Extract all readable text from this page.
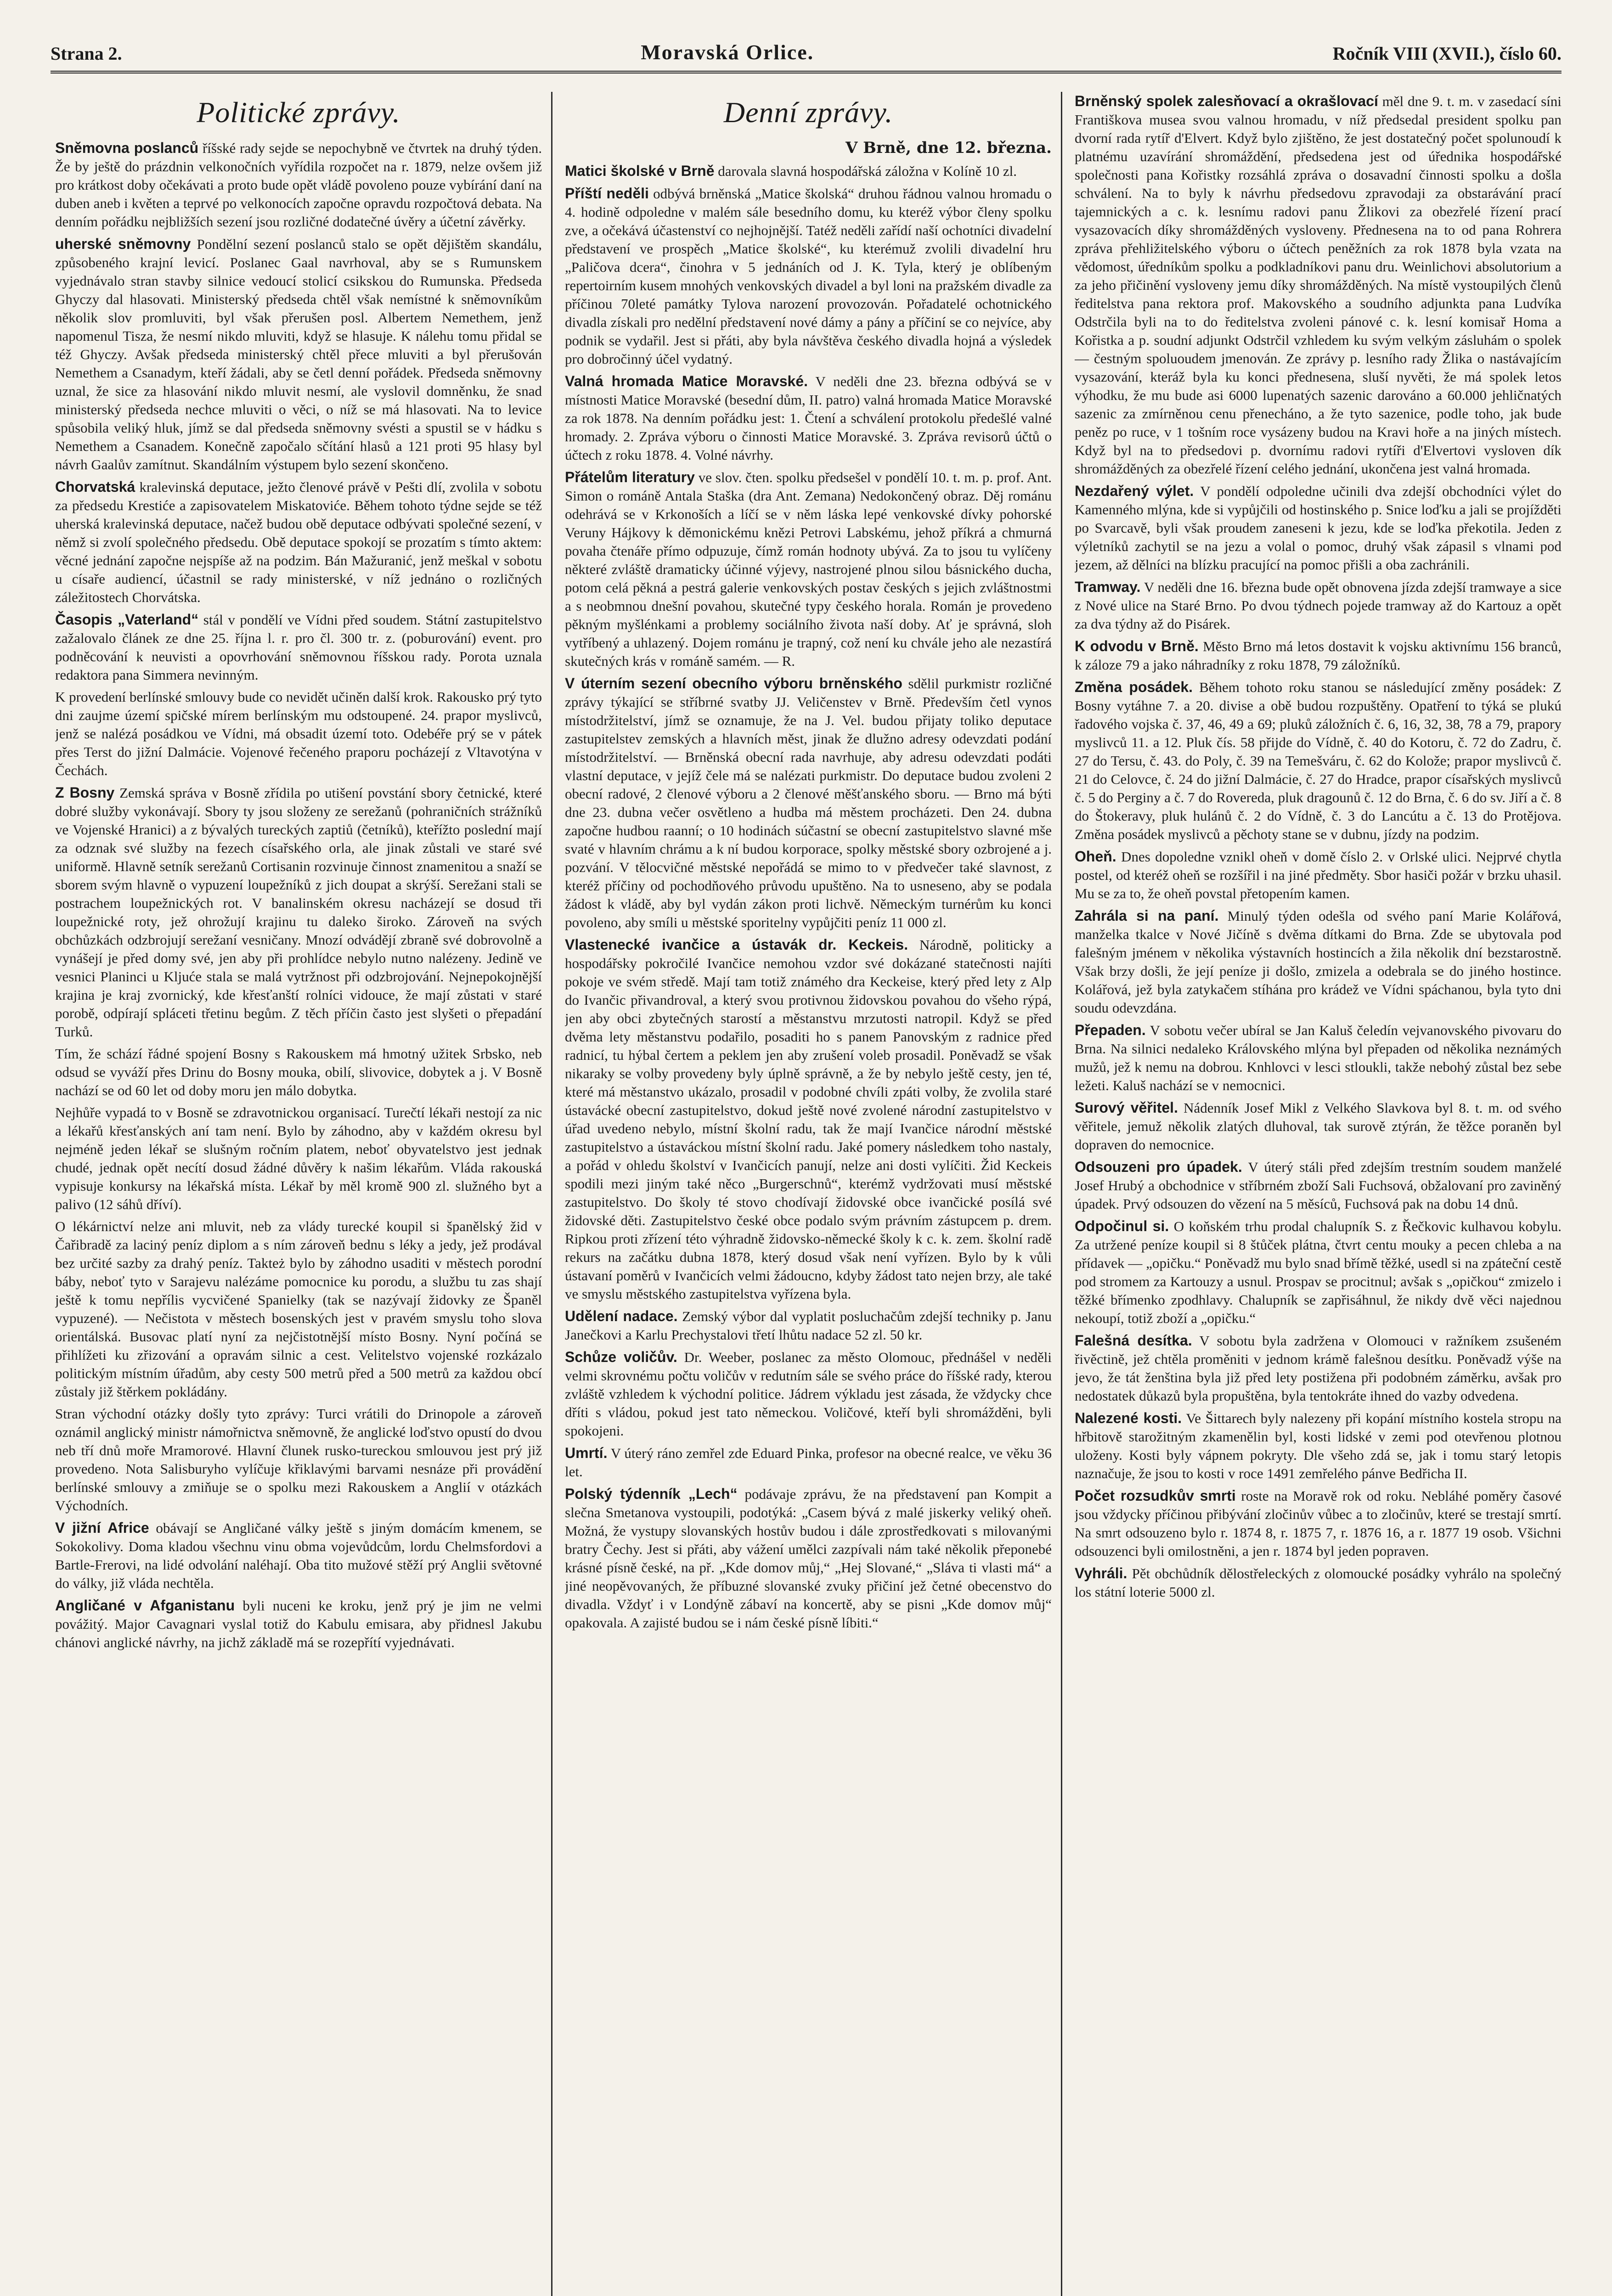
Strana 2.	Moravská Orlice.	Ročník VIII (XVII.), číslo 60.
Politické zprávy.

Sněmovna poslanců říšské rady sejde se nepochybně ve čtvrtek na druhý týden. Že by ještě do prázdnin velkonočních vyřídila rozpočet na r. 1879, nelze ovšem již pro krátkost doby očekávati a proto bude opět vládě povoleno pouze vybírání daní na duben aneb i květen a teprvé po velkonocích započne opravdu rozpočtová debata. Na denním pořádku nejbližších sezení jsou rozličné dodatečné úvěry a účetní závěrky.

uherské sněmovny Pondělní sezení poslanců stalo se opět dějištěm skandálu, způsobeného krajní levicí. Poslanec Gaal navrhoval, aby se s Rumunskem vyjednávalo stran stavby silnice vedoucí stolicí csikskou do Rumunska. Předseda Ghyczy dal hlasovati. Ministerský předseda chtěl však nemístné k sněmovníkům několik slov promluviti, byl však přerušen posl. Albertem Nemethem, jenž napomenul Tisza, že nesmí nikdo mluviti, když se hlasuje. K nálehu tomu přidal se též Ghyczy. Avšak předseda ministerský chtěl přece mluviti a byl přerušován Nemethem a Csanadym, kteří žádali, aby se četl denní pořádek. Předseda sněmovny uznal, že sice za hlasování nikdo mluvit nesmí, ale vyslovil domněnku, že snad ministerský předseda nechce mluviti o věci, o níž se má hlasovati. Na to levice spůsobila veliký hluk, jímž se dal předseda sněmovny svésti a spustil se v hádku s Nemethem a Csanadem. Konečně započalo sčítání hlasů a 121 proti 95 hlasy byl návrh Gaalův zamítnut. Skandálním výstupem bylo sezení skončeno.

Chorvatská kralevinská deputace, ježto členové právě v Pešti dlí, zvolila v sobotu za předsedu Krestiće a zapisovatelem Miskatoviće. Během tohoto týdne sejde se též uherská kralevinská deputace, načež budou obě deputace odbývati společné sezení, v němž si zvolí společného předsedu. Obě deputace spokojí se prozatím s tímto aktem: věcné jednání započne nejspíše až na podzim. Bán Mažuranić, jenž meškal v sobotu u císaře audiencí, účastnil se rady ministerské, v níž jednáno o rozličných záležitostech Chorvátska.

Časopis „Vaterland“ stál v pondělí ve Vídni před soudem. Státní zastupitelstvo zažalovalo článek ze dne 25. října l. r. pro čl. 300 tr. z. (poburování) event. pro podněcování k neuvisti a opovrhování sněmovnou říšskou rady. Porota uznala redaktora pana Simmera nevinným.

K provedení berlínské smlouvy bude co nevidět učiněn další krok. Rakousko prý tyto dni zaujme území spičské mírem berlínským mu odstoupené. 24. prapor myslivců, jenž se nalézá posádkou ve Vídni, má obsadit území toto. Odebéře prý se v pátek přes Terst do jižní Dalmácie. Vojenové řečeného praporu pocházejí z Vltavotýna v Čechách.

Z Bosny Zemská správa v Bosně zřídila po utišení povstání sbory četnické, které dobré služby vykonávají. Sbory ty jsou složeny ze serežanů (pohraničních strážníků ve Vojenské Hranici) a z bývalých tureckých zaptiů (četníků), kteřížto poslední mají za odznak své služby na fezech císařského orla, ale jinak zůstali ve staré své uniformě. Hlavně setník serežanů Cortisanin rozvinuje činnost znamenitou a snaží se sborem svým hlavně o vypuzení loupežníků z jich doupat a skrýší. Serežani stali se postrachem loupežnických rot. V banalinském okresu nacházejí se dosud tři loupežnické roty, jež ohrožují krajinu tu daleko široko. Zároveň na svých obchůzkách odzbrojují serežaní vesničany. Mnozí odvádějí zbraně své dobrovolně a vynášejí je před domy své, jen aby při prohlídce nebylo nutno nalézeny. Jedině ve vesnici Planinci u Kljuće stala se malá vytržnost při odzbrojování. Nejnepokojnější krajina je kraj zvornický, kde křesťanští rolníci vidouce, že mají zůstati v staré porobě, odpírají spláceti třetinu begům. Z těch příčin často jest slyšeti o přepadání Turků.

Tím, že schází řádné spojení Bosny s Rakouskem má hmotný užitek Srbsko, neb odsud se vyváží přes Drinu do Bosny mouka, obilí, slivovice, dobytek a j. V Bosně nachází se od 60 let od doby moru jen málo dobytka.

Nejhůře vypadá to v Bosně se zdravotnickou organisací. Turečtí lékaři nestojí za nic a lékařů křesťanských aní tam není. Bylo by záhodno, aby v každém okresu byl nejméně jeden lékař se slušným ročním platem, neboť obyvatelstvo jest jednak chudé, jednak opět necítí dosud žádné důvěry k našim lékařům. Vláda rakouská vypisuje konkursy na lékařská místa. Lékař by měl kromě 900 zl. služného byt a palivo (12 sáhů dříví).

O lékárnictví nelze ani mluvit, neb za vlády turecké koupil si španělský žid v Čařibradě za laciný peníz diplom a s ním zároveň bednu s léky a jedy, jež prodával bez určité sazby za drahý peníz. Takteż bylo by záhodno usaditi v městech porodní báby, neboť tyto v Sarajevu nalézáme pomocnice ku porodu, a službu tu zas shají ještě k tomu nepřílis vycvičené Spanielky (tak se nazývají židovky ze Španěl vypuzené). — Nečistota v městech bosenských jest v pravém smyslu toho slova orientálská. Busovac platí nyní za nejčistotnější místo Bosny. Nyní počíná se přihlížeti ku zřizování a opravám silnic a cest. Velitelstvo vojenské rozkázalo politickým místním úřadům, aby cesty 500 metrů před a 500 metrů za každou obcí zůstaly již štěrkem pokládány.

Stran východní otázky došly tyto zprávy: Turci vrátili do Drinopole a zároveň oznámil anglický ministr námořnictva sněmovně, že anglické loďstvo opustí do dvou neb tří dnů moře Mramorové. Hlavní člunek rusko-tureckou smlouvou jest prý již provedeno. Nota Salisburyho vylíčuje křiklavými barvami nesnáze při provádění berlínské smlouvy a zmiňuje se o spolku mezi Rakouskem a Anglií v otázkách Východních.

V jižní Africe obávají se Angličané války ještě s jiným domácím kmenem, se Sokokolivy. Doma kladou všechnu vinu obma vojevůdcům, lordu Chelmsfordovi a Bartle-Frerovi, na lidé odvolání naléhají. Oba tito mužové stěží prý Anglii světovné do války, již vláda nechtěla.

Angličané v Afganistanu byli nuceni ke kroku, jenž prý je jim ne velmi povážitý. Major Cavagnari vyslal totiž do Kabulu emisara, aby přidnesl Jakubu chánovi anglické návrhy, na jichž základě má se rozepřítí vyjednávati.

Denní zprávy.
V Brně, dne 12. března.

Matici školské v Brně darovala slavná hospodářská záložna v Kolíně 10 zl.

Příští neděli odbývá brněnská „Matice školská“ druhou řádnou valnou hromadu o 4. hodině odpoledne v malém sále besedního domu, ku kteréž výbor členy spolku zve, a očekává účastenství co nejhojnější. Tatéž neděli zařídí naší ochotníci divadelní představení ve prospěch „Matice školské“, ku kterémuž zvolili divadelní hru „Paličova dcera“, činohra v 5 jednáních od J. K. Tyla, který je oblíbeným repertoirním kusem mnohých venkovských divadel a byl loni na pražském divadle za příčinou 70leté památky Tylova narození provozován. Pořadatelé ochotnického divadla získali pro nedělní představení nové dámy a pány a příčiní se co nejvíce, aby podnik se vydařil. Jest si přáti, aby byla návštěva českého divadla hojná a výsledek pro dobročinný účel vydatný.

Valná hromada Matice Moravské. V neděli dne 23. března odbývá se v místnosti Matice Moravské (besední dům, II. patro) valná hromada Matice Moravské za rok 1878. Na denním pořádku jest: 1. Čtení a schválení protokolu předešlé valné hromady. 2. Zpráva výboru o činnosti Matice Moravské. 3. Zpráva revisorů účtů o účtech z roku 1878. 4. Volné návrhy.

Přátelům literatury ve slov. čten. spolku předsešel v pondělí 10. t. m. p. prof. Ant. Simon o románě Antala Staška (dra Ant. Zemana) Nedokončený obraz. Děj románu odehrává se v Krkonoších a líčí se v něm láska lepé venkovské dívky pohorské Veruny Hájkovy k dĕmonickému knězi Petrovi Labskému, jehož příkrá a chmurná povaha čtenáře přímo odpuzuje, čímž román hodnoty ubývá. Za to jsou tu vylíčeny některé zvláště dramaticky účinné výjevy, nastrojené plnou silou básnického ducha, potom celá pěkná a pestrá galerie venkovských postav českých s jejich zvláštnostmi a s neobmnou dnešní povahou, skutečné typy českého horala. Román je provedeno pěkným myšlénkami a problemy sociálního života naší doby. Ať je správná, sloh vytříbený a uhlazený. Dojem románu je trapný, což není ku chvále jeho ale nezastírá skutečných krás v románě samém. — R.

V úterním sezení obecního výboru brněnského sdělil purkmistr rozličné zprávy týkající se stříbrné svatby JJ. Veličenstev v Brně. Především četl vynos místodržitelství, jímž se oznamuje, že na J. Vel. budou přijaty toliko deputace zastupitelstev zemských a hlavních měst, jinak že dlužno adresy odevzdati podání místodržitelství. — Brněnská obecní rada navrhuje, aby adresu odevzdati podáti vlastní deputace, v jejíž čele má se nalézati purkmistr. Do deputace budou zvoleni 2 obecní radové, 2 členové výboru a 2 členové měšťanského sboru. — Brno má býti dne 23. dubna večer osvětleno a hudba má městem procházeti. Den 24. dubna započne hudbou raanní; o 10 hodinách súčastní se obecní zastupitelstvo slavné mše svaté v hlavním chrámu a k ní budou korporace, spolky městské sbory ozbrojené a j. pozvání. V tělocvičné městské nepořádá se mimo to v předvečer také slavnost, z kteréž příčiny od pochodňového průvodu upuštěno. Na to usneseno, aby se podala žádost k vládě, aby byl vydán zákon proti lichvě. Německým turnérům ku konci povoleno, aby smíli u městské sporitelny vypůjčiti peníz 11 000 zl.

Vlastenecké ivančice a ústavák dr. Keckeis. Národně, politicky a hospodářsky pokročilé Ivančice nemohou vzdor své dokázané statečnosti najíti pokoje ve svém středě. Mají tam totiž známého dra Keckeise, který před lety z Alp do Ivančic přivandroval, a který svou protivnou židovskou povahou do všeho rýpá, jen aby obci zbytečných starostí a městanstvu mrzutosti natropil. Když se před dvěma lety městanstvu podařilo, posaditi ho s panem Panovským z radnice před radnicí, tu hýbal čertem a peklem jen aby zrušení voleb prosadil. Poněvadž se však nikaraky se volby provedeny byly úplně správně, a že by nebylo ještě cesty, jen té, které má městanstvo ukázalo, prosadil v podobné chvíli zpáti volby, že zvolila staré ústavácké obecní zastupitelstvo, dokud ještě nové zvolené národní zastupitelstvo v úřad uvedeno nebylo, místní školní radu, tak že mají Ivančice národní městské zastupitelstvo a ústaváckou místní školní radu. Jaké pomery následkem toho nastaly, a pořád v ohledu školství v Ivančicích panují, nelze ani dosti vylíčiti. Žid Keckeis spodili mezi jiným také něco „Burgerschnů“, kterémž vydržovati musí městské zastupitelstvo. Do školy té stovo chodívají židovské obce ivančické posílá své židovské děti. Zastupitelstvo české obce podalo svým právním zástupcem p. drem. Ripkou proti zřízení této výhradně židovsko-německé školy k c. k. zem. školní radě rekurs na začátku dubna 1878, který dosud však není vyřízen. Bylo by k vůli ústavaní poměrů v Ivančicích velmi žádoucno, kdyby žádost tato nejen brzy, ale také ve smyslu městského zastupitelstva vyřízena byla.

Udělení nadace. Zemský výbor dal vyplatit posluchačům zdejší techniky p. Janu Janečkovi a Karlu Prechystalovi třetí lhůtu nadace 52 zl. 50 kr.

Schůze voličův. Dr. Weeber, poslanec za město Olomouc, přednášel v neděli velmi skrovnému počtu voličův v redutním sále se svého práce do říšské rady, kterou zvláště vzhledem k východní politice. Jádrem výkladu jest zásada, že vždycky chce dříti s vládou, pokud jest tato německou. Voličové, kteří byli shromážděni, byli spokojeni.

Umrtí. V úterý ráno zemřel zde Eduard Pinka, profesor na obecné realce, ve věku 36 let.

Polský týdenník „Lech“ podávaje zprávu, že na představení pan Kompit a slečna Smetanova vystoupili, podotýká: „Casem bývá z malé jiskerky veliký oheň. Možná, že vystupy slovanských hostův budou i dále zprostředkovati s milovanými bratry Čechy. Jest si přáti, aby vážení umělci zazpívali nám také několik přeponebé krásné písně české, na př. „Kde domov můj,“ „Hej Slované,“ „Sláva ti vlasti má“ a jiné neopěvovaných, že příbuzné slovanské zvuky přičiní jež četné obecenstvo do divadla. Vždyť i v Londýně zábaví na koncertě, aby se pisni „Kde domov můj“ opakovala. A zajisté budou se i nám české písně líbiti.“

Brněnský spolek zalesňovací a okrašlovací měl dne 9. t. m. v zasedací síni Františkova musea svou valnou hromadu, v níž předsedal president spolku pan dvorní rada rytíř d'Elvert. Když bylo zjištěno, že jest dostatečný počet spolunoudí k platnému uzavírání shromáždění, předsedena jest od úřednika hospodářské společnosti pana Kořistky rozsáhlá zpráva o dosavadní činnosti spolku a došla schválení. Na to byly k návrhu předsedovu zpravodaji za obstarávání prací tajemnických a c. k. lesnímu radovi panu Žlikovi za obezřelé řízení prací vysazovacích díky shromážděných vysloveny. Přednesena na to od pana Rohrera zpráva přehližitelského výboru o účtech peněžních za rok 1878 byla vzata na vědomost, úředníkům spolku a podkladníkovi panu dru. Weinlichovi absolutorium a za jeho přičinění vysloveny jemu díky shromážděných. Na místě vystoupilých členů ředitelstva pana rektora prof. Makovského a soudního adjunkta pana Ludvíka Odstrčila byli na to do ředitelstva zvoleni pánové c. k. lesní komisař Homa a Kořistka a p. soudní adjunkt Odstrčil vzhledem ku svým velkým zásluhám o spolek — čestným spoluoudem jmenován. Ze zprávy p. lesního rady Žlika o nastávajícím vysazování, kteráž byla ku konci přednesena, sluší nyvěti, že má spolek letos výhodku, že mu bude asi 6000 lupenatých sazenic darováno a 60.000 jehličnatých sazenic za zmírněnou cenu přenecháno, a že tyto sazenice, podle toho, jak bude peněz po ruce, v 1 tošním roce vysázeny budou na Kravi hoře a na jiných místech. Když byl na to předsedovi p. dvornímu radovi rytíři d'Elvertovi vysloven dík shromážděných za obezřelé řízení celého jednání, ukončena jest valná hromada.

Nezdařený výlet. V pondělí odpoledne učinili dva zdejší obchodníci výlet do Kamenného mlýna, kde si vypůjčili od hostinského p. Snice loďku a jali se projížděti po Svarcavě, byli však proudem zaneseni k jezu, kde se loďka překotila. Jeden z výletníků zachytil se na jezu a volal o pomoc, druhý však zápasil s vlnami pod jezem, až dělníci na blízku pracující na pomoc přišli a oba zachránili.

Tramway. V neděli dne 16. března bude opět obnovena jízda zdejší tramwaye a sice z Nové ulice na Staré Brno. Po dvou týdnech pojede tramway až do Kartouz a opět za dva týdny až do Pisárek.

K odvodu v Brně. Město Brno má letos dostavit k vojsku aktivnímu 156 branců, k záloze 79 a jako náhradníky z roku 1878, 79 záložníků.

Změna posádek. Během tohoto roku stanou se následující změny posádek: Z Bosny vytáhne 7. a 20. divise a obě budou rozpuštěny. Opatření to týká se plukú řadového vojska č. 37, 46, 49 a 69; pluků záložních č. 6, 16, 32, 38, 78 a 79, prapory myslivců 11. a 12. Pluk čís. 58 přijde do Vídně, č. 40 do Kotoru, č. 72 do Zadru, č. 27 do Tersu, č. 43. do Poly, č. 39 na Temešváru, č. 62 do Kolože; prapor myslivců č. 21 do Celovce, č. 24 do jižní Dalmácie, č. 27 do Hradce, prapor císařských myslivců č. 5 do Perginy a č. 7 do Rovereda, pluk dragounů č. 12 do Brna, č. 6 do sv. Jiří a č. 8 do Štokeravy, pluk hulánů č. 2 do Vídně, č. 3 do Lancútu a č. 13 do Protějova. Změna posádek myslivců a pěchoty stane se v dubnu, jízdy na podzim.

Oheň. Dnes dopoledne vznikl oheň v domě číslo 2. v Orlské ulici. Nejprvé chytla postel, od kteréž oheň se rozšířil i na jiné předměty. Sbor hasiči požár v brzku uhasil. Mu se za to, že oheň povstal přetopením kamen.

Zahrála si na paní. Minulý týden odešla od svého paní Marie Kolářová, manželka tkalce v Nové Jičíně s dvěma dítkami do Brna. Zde se ubytovala pod falešným jménem v několika výstavních hostincích a žila několik dní bezstarostně. Však brzy došli, že její peníze ji došlo, zmizela a odebrala se do jiného hostince. Kolářová, jež byla zatykačem stíhána pro krádež ve Vídni spáchanou, byla tyto dni soudu odevzdána.

Přepaden. V sobotu večer ubíral se Jan Kaluš čeledín vejvanovského pivovaru do Brna. Na silnici nedaleko Královského mlýna byl přepaden od několika neznámých mužů, jež k nemu na dobrou. Knhlovci v lesci stloukli, takže nebohý zůstal bez sebe ležeti. Kaluš nachází se v nemocnici.

Surový věřitel. Nádenník Josef Mikl z Velkého Slavkova byl 8. t. m. od svého věřitele, jemuž několik zlatých dluhoval, tak surově ztýrán, že těžce poraněn byl dopraven do nemocnice.

Odsouzeni pro úpadek. V úterý stáli před zdejším trestním soudem manželé Josef Hrubý a obchodnice v stříbrném zboží Sali Fuchsová, obžalovaní pro zaviněný úpadek. Prvý odsouzen do vězení na 5 měsíců, Fuchsová pak na dobu 14 dnů.

Odpočinul si. O koňském trhu prodal chalupník S. z Řečkovic kulhavou kobylu. Za utržené peníze koupil si 8 štůček plátna, čtvrt centu mouky a pecen chleba a na přídavek — „opičku.“ Poněvadž mu bylo snad břímě těžké, usedl si na zpáteční cestě pod stromem za Kartouzy a usnul. Prospav se procitnul; avšak s „opičkou“ zmizelo i těžké břímenko zpodhlavy. Chalupník se zapřisáhnul, že nikdy dvě věci najednou nekoupí, totiž zboží a „opičku.“

Falešná desítka. V sobotu byla zadržena v Olomouci v ražníkem zsušeném řivěctině, jež chtěla proměniti v jednom krámě falešnou desítku. Poněvadž výše na jevo, že tát ženština byla již před lety postižena při podobném záměrku, avšak pro nedostatek důkazů byla propuštěna, byla tentokráte ihned do vazby odvedena.

Nalezené kosti. Ve Šittarech byly nalezeny při kopání místního kostela stropu na hřbitově starožitným zkamenělin byl, kosti lidské v zemi pod otevřenou plotnou uloženy. Kosti byly vápnem pokryty. Dle všeho zdá se, jak i tomu starý letopis naznačuje, že jsou to kosti v roce 1491 zemřelého pánve Bedřicha II.

Počet rozsudkův smrti roste na Moravě rok od roku. Nebláhé poměry časové jsou vždycky příčinou přibývání zločinův vůbec a to zločinův, které se trestají smrtí. Na smrt odsouzeno bylo r. 1874 8, r. 1875 7, r. 1876 16, a r. 1877 19 osob. Všichni odsouzenci byli omilostněni, a jen r. 1874 byl jeden popraven.

Vyhráli. Pět obchůdník dělostřeleckých z olomoucké posádky vyhrálo na společný los státní loterie 5000 zl.
